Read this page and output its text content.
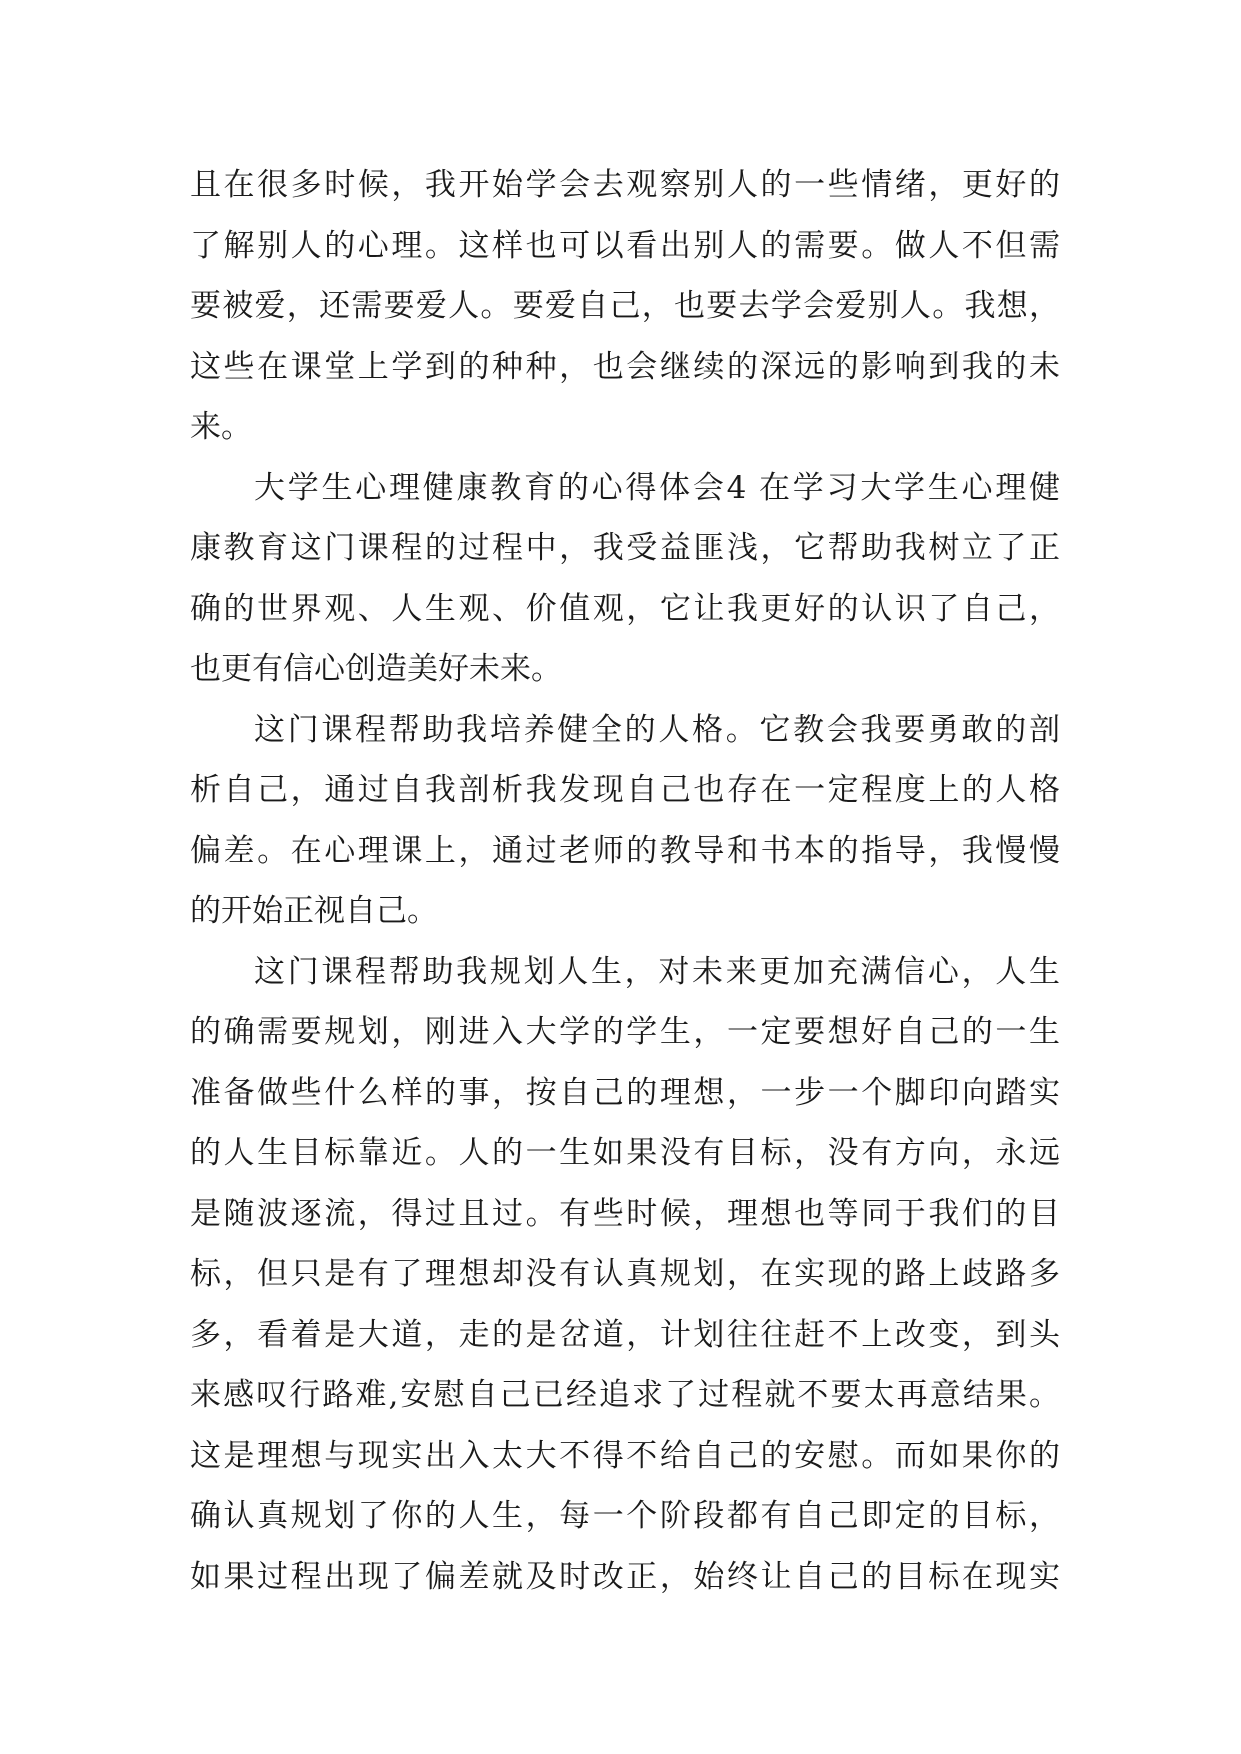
且在很多时候，我开始学会去观察别人的一些情绪，更好的
了解别人的心理。这样也可以看出别人的需要。做人不但需
要被爱，还需要爱人。要爱自己，也要去学会爱别人。我想，
这些在课堂上学到的种种，也会继续的深远的影响到我的未
来。
大学生心理健康教育的心得体会4 在学习大学生心理健
康教育这门课程的过程中，我受益匪浅，它帮助我树立了正
确的世界观、人生观、价值观，它让我更好的认识了自己，
也更有信心创造美好未来。
这门课程帮助我培养健全的人格。它教会我要勇敢的剖
析自己，通过自我剖析我发现自己也存在一定程度上的人格
偏差。在心理课上，通过老师的教导和书本的指导，我慢慢
的开始正视自己。
这门课程帮助我规划人生，对未来更加充满信心，人生
的确需要规划，刚进入大学的学生，一定要想好自己的一生
准备做些什么样的事，按自己的理想，一步一个脚印向踏实
的人生目标靠近。人的一生如果没有目标，没有方向，永远
是随波逐流，得过且过。有些时候，理想也等同于我们的目
标，但只是有了理想却没有认真规划，在实现的路上歧路多
多，看着是大道，走的是岔道，计划往往赶不上改变，到头
来感叹行路难,安慰自己已经追求了过程就不要太再意结果。
这是理想与现实出入太大不得不给自己的安慰。而如果你的
确认真规划了你的人生，每一个阶段都有自己即定的目标，
如果过程出现了偏差就及时改正，始终让自己的目标在现实
